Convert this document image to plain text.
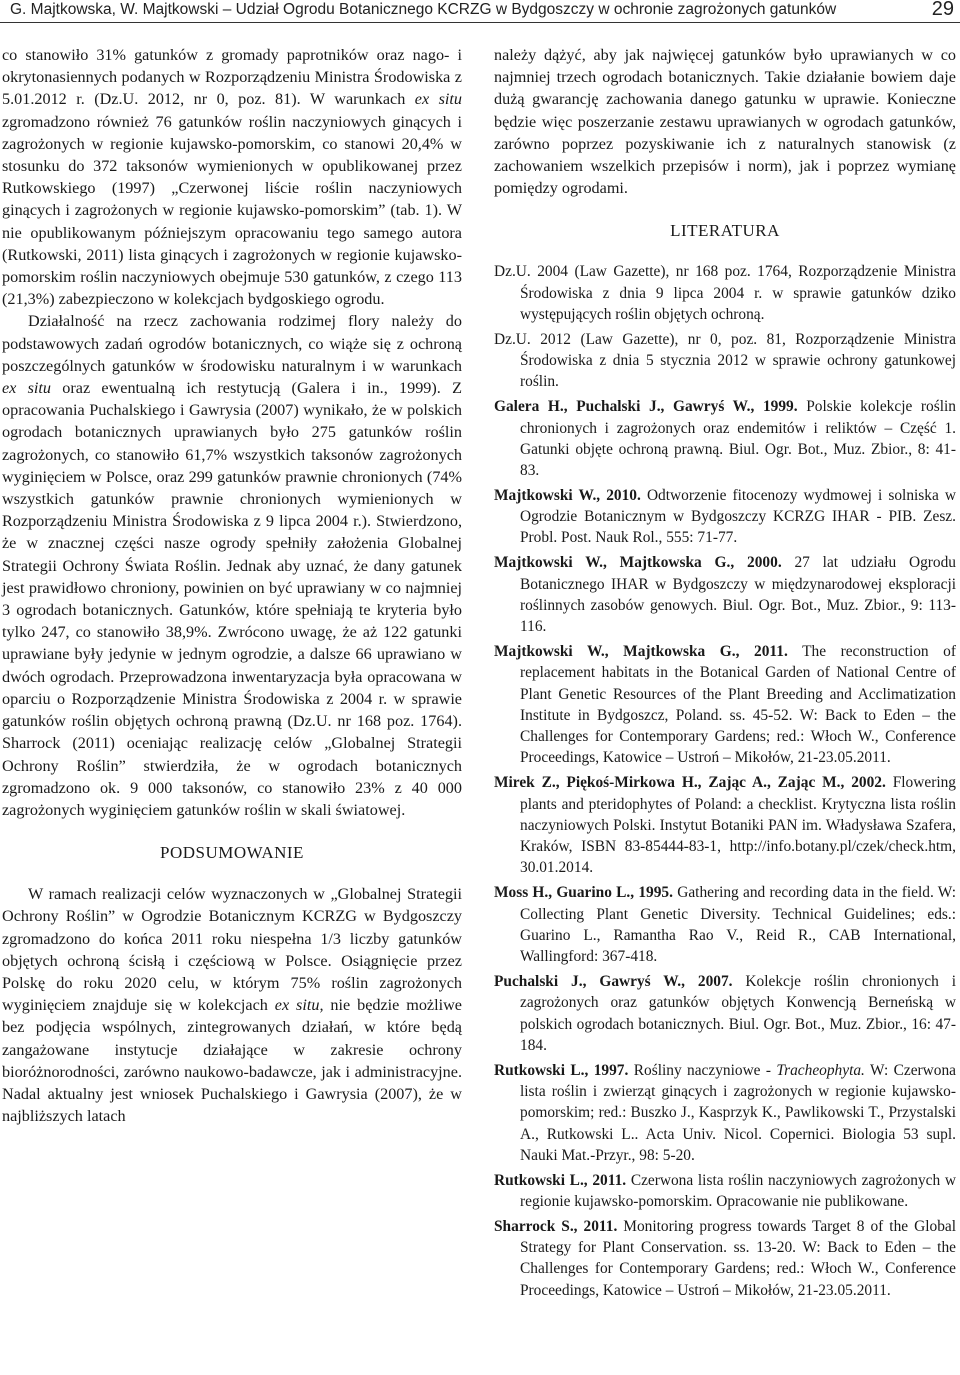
G. Majtkowska, W. Majtkowski – Udział Ogrodu Botanicznego KCRZG w Bydgoszczy w ochronie zagrożonych gatunków	29

co stanowiło 31% gatunków z gromady paprotników oraz nago- i okrytonasiennych podanych w Rozporządzeniu Ministra Środowiska z 5.01.2012 r. (Dz.U. 2012, nr 0, poz. 81). W warunkach ex situ zgromadzono również 76 gatunków roślin naczyniowych ginących i zagrożonych w regionie kujawsko-pomorskim, co stanowi 20,4% w stosunku do 372 taksonów wymienionych w opublikowanej przez Rutkowskiego (1997) „Czerwonej liście roślin naczyniowych ginących i zagrożonych w regionie kujawsko-pomorskim” (tab. 1). W nie opublikowanym późniejszym opracowaniu tego samego autora (Rutkowski, 2011) lista ginących i zagrożonych w regionie kujawsko-pomorskim roślin naczyniowych obejmuje 530 gatunków, z czego 113 (21,3%) zabezpieczono w kolekcjach bydgoskiego ogrodu.

Działalność na rzecz zachowania rodzimej flory należy do podstawowych zadań ogrodów botanicznych, co wiąże się z ochroną poszczególnych gatunków w środowisku naturalnym i w warunkach ex situ oraz ewentualną ich restytucją (Galera i in., 1999). Z opracowania Puchalskiego i Gawrysia (2007) wynikało, że w polskich ogrodach botanicznych uprawianych było 275 gatunków roślin zagrożonych, co stanowiło 61,7% wszystkich taksonów zagrożonych wyginięciem w Polsce, oraz 299 gatunków prawnie chronionych (74% wszystkich gatunków prawnie chronionych wymienionych w Rozporządzeniu Ministra Środowiska z 9 lipca 2004 r.). Stwierdzono, że w znacznej części nasze ogrody spełniły założenia Globalnej Strategii Ochrony Świata Roślin. Jednak aby uznać, że dany gatunek jest prawidłowo chroniony, powinien on być uprawiany w co najmniej 3 ogrodach botanicznych. Gatunków, które spełniają te kryteria było tylko 247, co stanowiło 38,9%. Zwrócono uwagę, że aż 122 gatunki uprawiane były jedynie w jednym ogrodzie, a dalsze 66 uprawiano w dwóch ogrodach. Przeprowadzona inwentaryzacja była opracowana w oparciu o Rozporządzenie Ministra Środowiska z 2004 r. w sprawie gatunków roślin objętych ochroną prawną (Dz.U. nr 168 poz. 1764). Sharrock (2011) oceniając realizację celów „Globalnej Strategii Ochrony Roślin” stwierdziła, że w ogrodach botanicznych zgromadzono ok. 9 000 taksonów, co stanowiło 23% z 40 000 zagrożonych wyginięciem gatunków roślin w skali światowej.

PODSUMOWANIE

W ramach realizacji celów wyznaczonych w „Globalnej Strategii Ochrony Roślin” w Ogrodzie Botanicznym KCRZG w Bydgoszczy zgromadzono do końca 2011 roku niespełna 1/3 liczby gatunków objętych ochroną ścisłą i częściową w Polsce. Osiągnięcie przez Polskę do roku 2020 celu, w którym 75% roślin zagrożonych wyginięciem znajduje się w kolekcjach ex situ, nie będzie możliwe bez podjęcia wspólnych, zintegrowanych działań, w które będą zangażowane instytucje działające w zakresie ochrony bioróżnorodności, zarówno naukowo-badawcze, jak i administracyjne. Nadal aktualny jest wniosek Puchalskiego i Gawrysia (2007), że w najbliższych latach

należy dążyć, aby jak najwięcej gatunków było uprawianych w co najmniej trzech ogrodach botanicznych. Takie działanie bowiem daje dużą gwarancję zachowania danego gatunku w uprawie. Konieczne będzie więc poszerzanie zestawu uprawianych w ogrodach gatunków, zarówno poprzez pozyskiwanie ich z naturalnych stanowisk (z zachowaniem wszelkich przepisów i norm), jak i poprzez wymianę pomiędzy ogrodami.

LITERATURA
Dz.U. 2004 (Law Gazette), nr 168 poz. 1764, Rozporządzenie Ministra Środowiska z dnia 9 lipca 2004 r. w sprawie gatunków dziko występujących roślin objętych ochroną.
Dz.U. 2012 (Law Gazette), nr 0, poz. 81, Rozporządzenie Ministra Środowiska z dnia 5 stycznia 2012 w sprawie ochrony gatunkowej roślin.
Galera H., Puchalski J., Gawryś W., 1999. Polskie kolekcje roślin chronionych i zagrożonych oraz endemitów i reliktów – Część 1. Gatunki objęte ochroną prawną. Biul. Ogr. Bot., Muz. Zbior., 8: 41-83.
Majtkowski W., 2010. Odtworzenie fitocenozy wydmowej i solniska w Ogrodzie Botanicznym w Bydgoszczy KCRZG IHAR - PIB. Zesz. Probl. Post. Nauk Rol., 555: 71-77.
Majtkowski W., Majtkowska G., 2000. 27 lat udziału Ogrodu Botanicznego IHAR w Bydgoszczy w międzynarodowej eksploracji roślinnych zasobów genowych. Biul. Ogr. Bot., Muz. Zbior., 9: 113-116.
Majtkowski W., Majtkowska G., 2011. The reconstruction of replacement habitats in the Botanical Garden of National Centre of Plant Genetic Resources of the Plant Breeding and Acclimatization Institute in Bydgoszcz, Poland. ss. 45-52. W: Back to Eden – the Challenges for Contemporary Gardens; red.: Włoch W., Conference Proceedings, Katowice – Ustroń – Mikołów, 21-23.05.2011.
Mirek Z., Piękoś-Mirkowa H., Zając A., Zając M., 2002. Flowering plants and pteridophytes of Poland: a checklist. Krytyczna lista roślin naczyniowych Polski. Instytut Botaniki PAN im. Władysława Szafera, Kraków, ISBN 83-85444-83-1, http://info.botany.pl/czek/check.htm, 30.01.2014.
Moss H., Guarino L., 1995. Gathering and recording data in the field. W: Collecting Plant Genetic Diversity. Technical Guidelines; eds.: Guarino L., Ramantha Rao V., Reid R., CAB International, Wallingford: 367-418.
Puchalski J., Gawryś W., 2007. Kolekcje roślin chronionych i zagrożonych oraz gatunków objętych Konwencją Berneńską w polskich ogrodach botanicznych. Biul. Ogr. Bot., Muz. Zbior., 16: 47-184.
Rutkowski L., 1997. Rośliny naczyniowe - Tracheophyta. W: Czerwona lista roślin i zwierząt ginących i zagrożonych w regionie kujawsko-pomorskim; red.: Buszko J., Kasprzyk K., Pawlikowski T., Przystalski A., Rutkowski L.. Acta Univ. Nicol. Copernici. Biologia 53 supl. Nauki Mat.-Przyr., 98: 5-20.
Rutkowski L., 2011. Czerwona lista roślin naczyniowych zagrożonych w regionie kujawsko-pomorskim. Opracowanie nie publikowane.
Sharrock S., 2011. Monitoring progress towards Target 8 of the Global Strategy for Plant Conservation. ss. 13-20. W: Back to Eden – the Challenges for Contemporary Gardens; red.: Włoch W., Conference Proceedings, Katowice – Ustroń – Mikołów, 21-23.05.2011.
